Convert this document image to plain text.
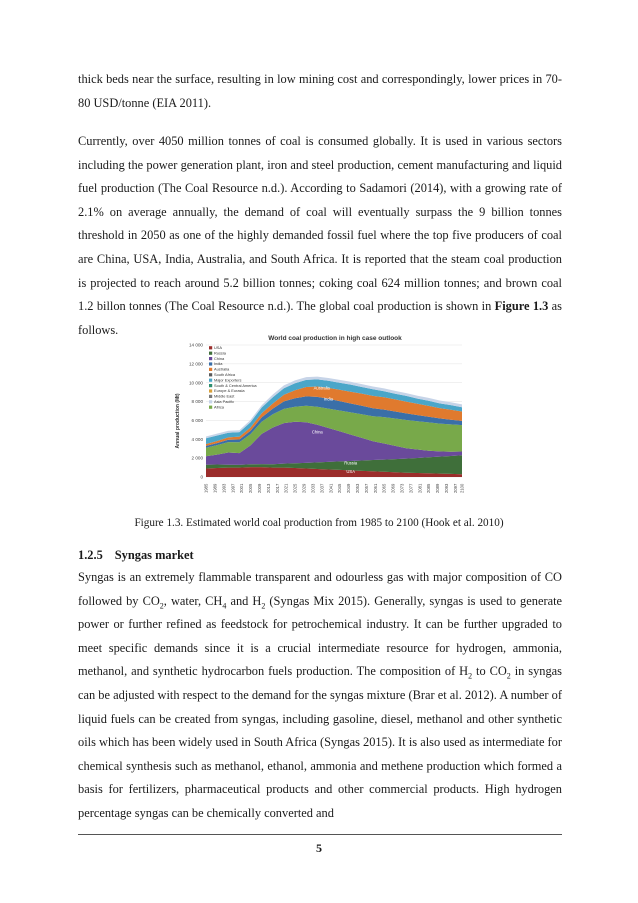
thick beds near the surface, resulting in low mining cost and correspondingly, lower prices in 70-80 USD/tonne (EIA 2011).

Currently, over 4050 million tonnes of coal is consumed globally. It is used in various sectors including the power generation plant, iron and steel production, cement manufacturing and liquid fuel production (The Coal Resource n.d.). According to Sadamori (2014), with a growing rate of 2.1% on average annually, the demand of coal will eventually surpass the 9 billion tonnes threshold in 2050 as one of the highly demanded fossil fuel where the top five producers of coal are China, USA, India, Australia, and South Africa. It is reported that the steam coal production is projected to reach around 5.2 billion tonnes; coking coal 624 million tonnes; and brown coal 1.2 billon tonnes (The Coal Resource n.d.). The global coal production is shown in Figure 1.3 as follows.

World coal production in high case outlook
Annual production (Mt)
0
2 000
4 000
6 000
8 000
10 000
12 000
14 000
1985 1989 1993 1997 2001 2005 2009 2013 2017 2021 2025 2029 2033 2037 2041 2045 2049 2053 2057 2061 2065 2069 2073 2077 2081 2085 2089 2093 2097 2100
USA
Russia
China
India
Australia
South Africa
Major Exporters
South & Central America
Europe & Eurasia
Middle East
Asia Pacific
Africa
USA
Russia
China
India
Australia
Figure 1.3. Estimated world coal production from 1985 to 2100 (Hook et al. 2010)
1.2.5 Syngas market

Syngas is an extremely flammable transparent and odourless gas with major composition of CO followed by $CO_2$, water, $CH_4$ and $H_2$ (Syngas Mix 2015). Generally, syngas is used to generate power or further refined as feedstock for petrochemical industry. It can be further upgraded to meet specific demands since it is a crucial intermediate resource for hydrogen, ammonia, methanol, and synthetic hydrocarbon fuels production. The composition of $H_2$ to $CO_2$ in syngas can be adjusted with respect to the demand for the syngas mixture (Brar et al. 2012). A number of liquid fuels can be created from syngas, including gasoline, diesel, methanol and other synthetic oils which has been widely used in South Africa (Syngas 2015). It is also used as intermediate for chemical synthesis such as methanol, ethanol, ammonia and methene production which formed a basis for fertilizers, pharmaceutical products and other commercial products. High hydrogen percentage syngas can be chemically converted and

5
